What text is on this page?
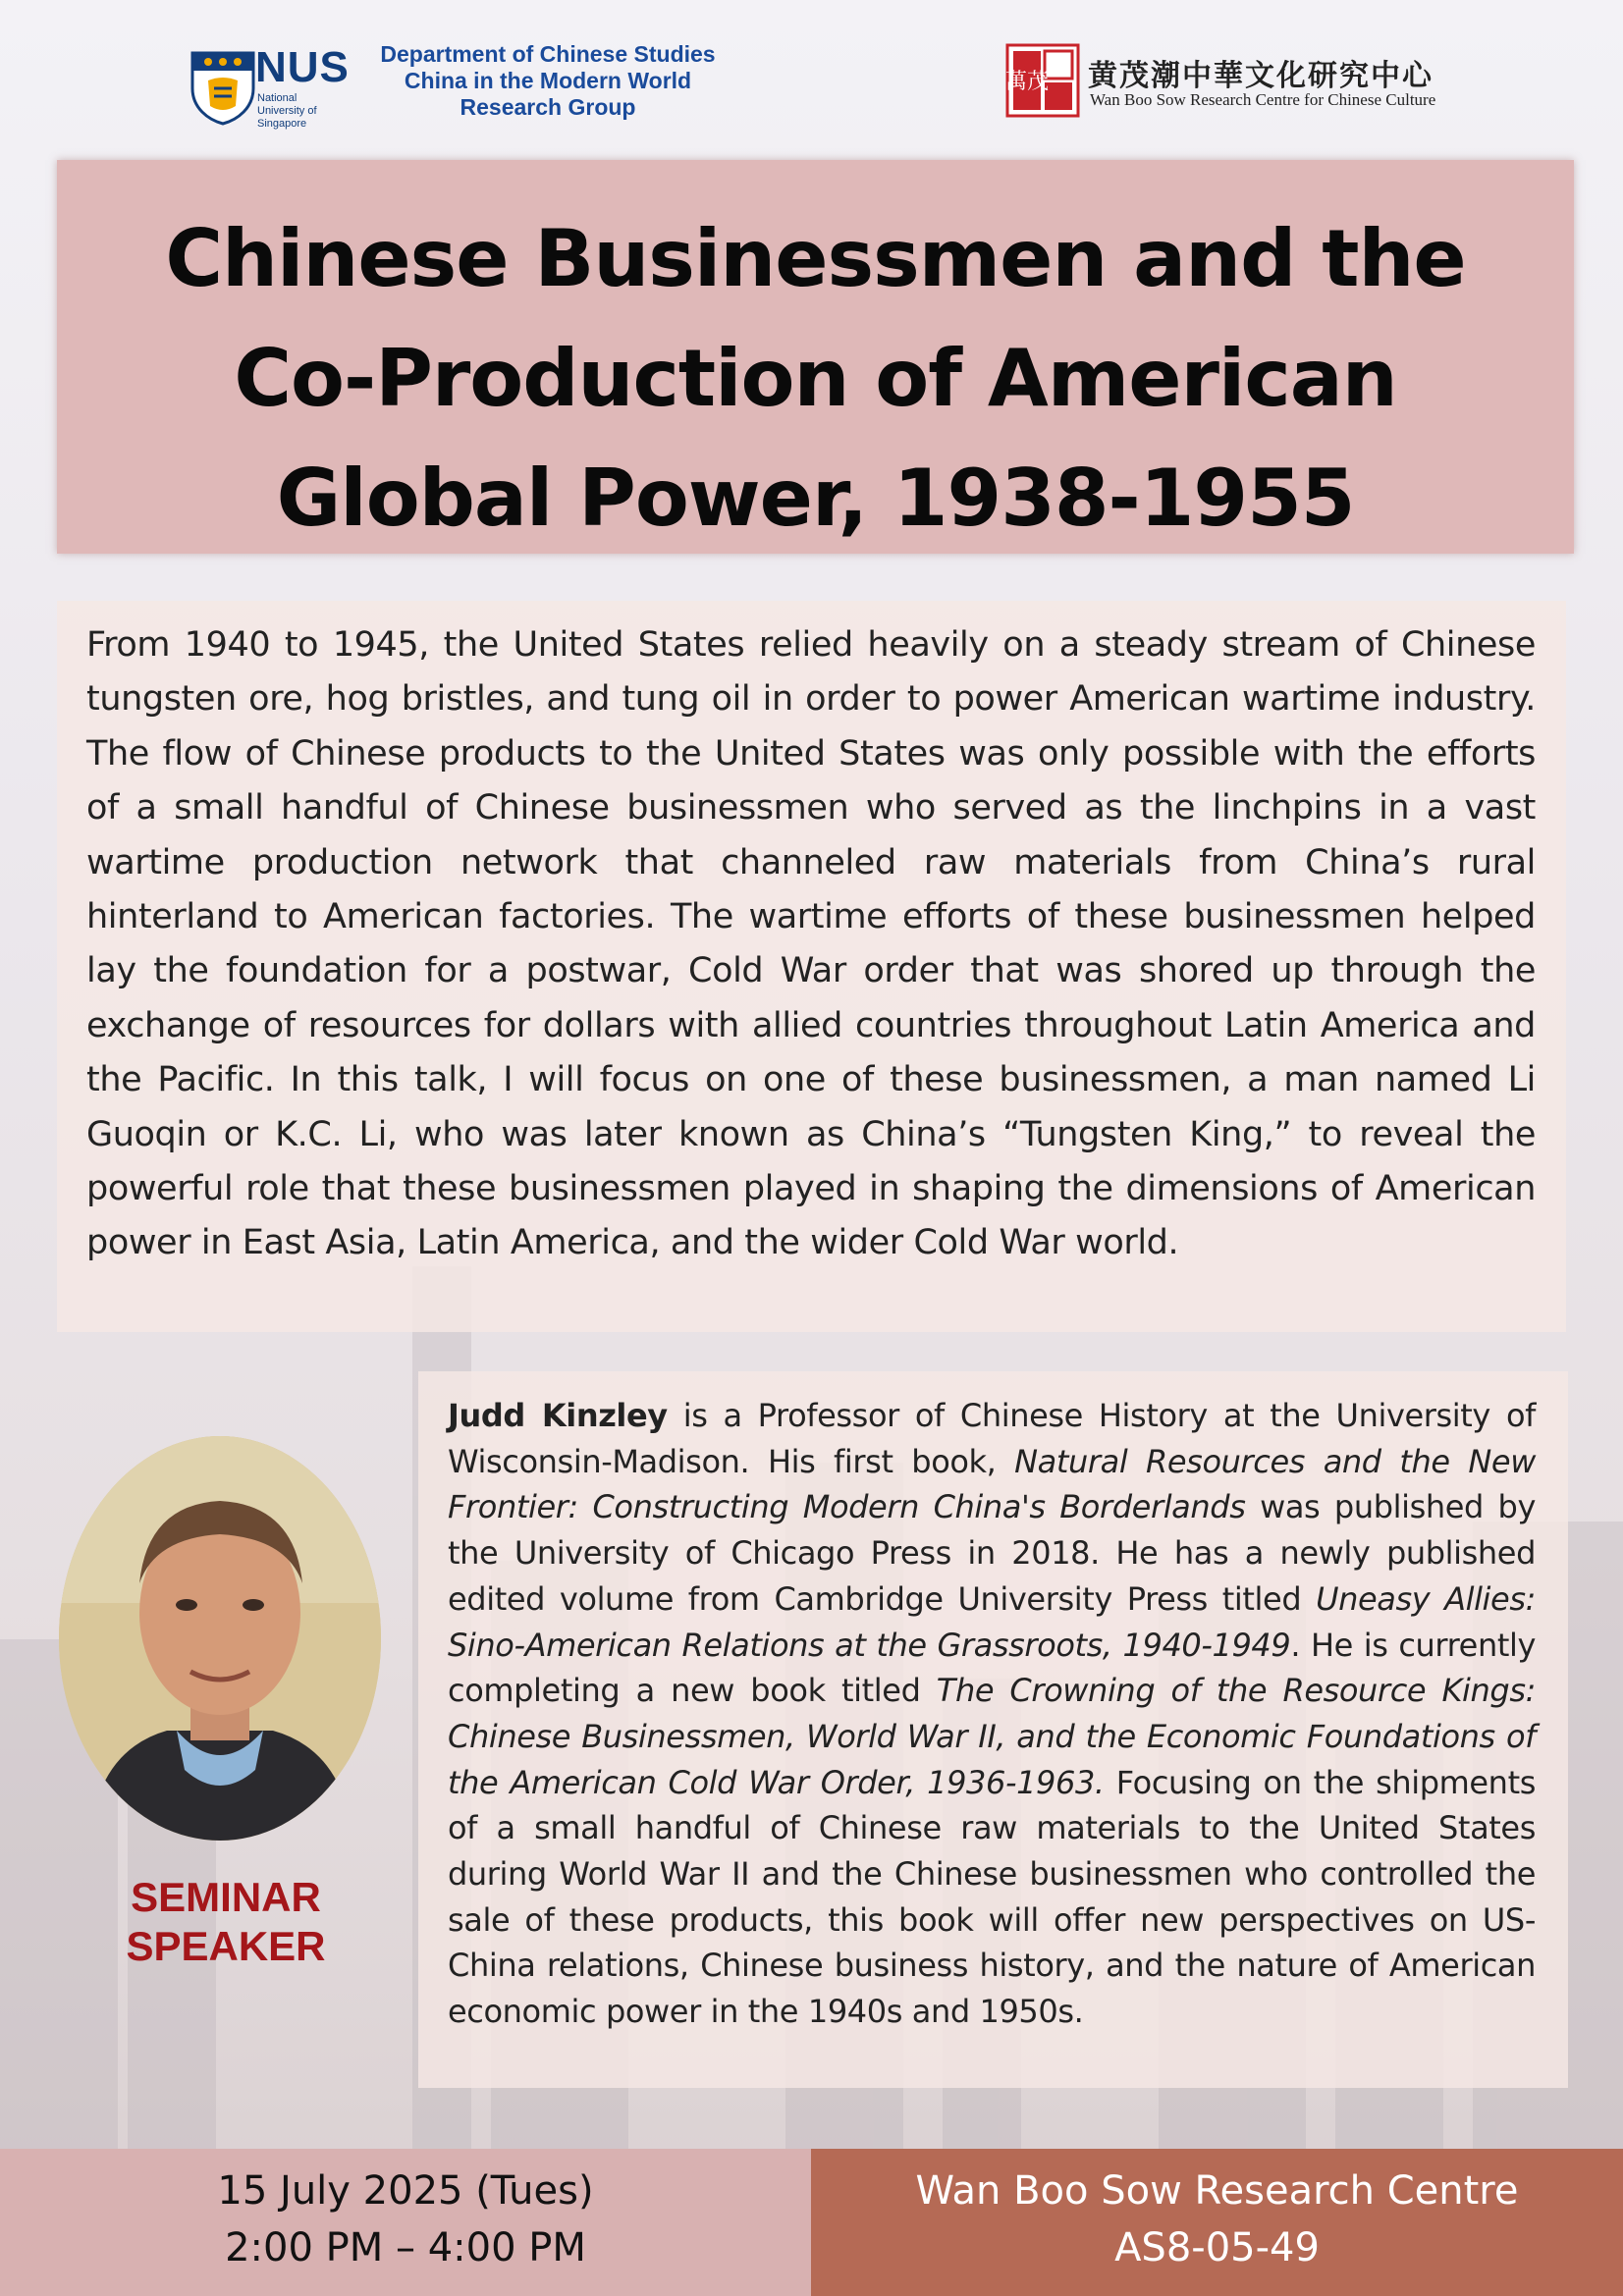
NUS
National University of Singapore
Department of Chinese Studies
China in the Modern World
Research Group
萬茂 黄茂潮中華文化研究中心
Wan Boo Sow Research Centre for Chinese Culture
Chinese Businessmen and the
Co-Production of American
Global Power, 1938-1955
From 1940 to 1945, the United States relied heavily on a steady stream of Chinese tungsten ore, hog bristles, and tung oil in order to power American wartime industry. The flow of Chinese products to the United States was only possible with the efforts of a small handful of Chinese businessmen who served as the linchpins in a vast wartime production network that channeled raw materials from China’s rural hinterland to American factories. The wartime efforts of these businessmen helped lay the foundation for a postwar, Cold War order that was shored up through the exchange of resources for dollars with allied countries throughout Latin America and the Pacific. In this talk, I will focus on one of these businessmen, a man named Li Guoqin or K.C. Li, who was later known as China’s “Tungsten King,” to reveal the powerful role that these businessmen played in shaping the dimensions of American power in East Asia, Latin America, and the wider Cold War world.
SEMINAR
SPEAKER
Judd Kinzley is a Professor of Chinese History at the University of Wisconsin-Madison. His first book, Natural Resources and the New Frontier: Constructing Modern China's Borderlands was published by the University of Chicago Press in 2018. He has a newly published edited volume from Cambridge University Press titled Uneasy Allies: Sino-American Relations at the Grassroots, 1940-1949. He is currently completing a new book titled The Crowning of the Resource Kings: Chinese Businessmen, World War II, and the Economic Foundations of the American Cold War Order, 1936-1963. Focusing on the shipments of a small handful of Chinese raw materials to the United States during World War II and the Chinese businessmen who controlled the sale of these products, this book will offer new perspectives on US-China relations, Chinese business history, and the nature of American economic power in the 1940s and 1950s.
15 July 2025 (Tues)
2:00 PM – 4:00 PM
Wan Boo Sow Research Centre
AS8-05-49
